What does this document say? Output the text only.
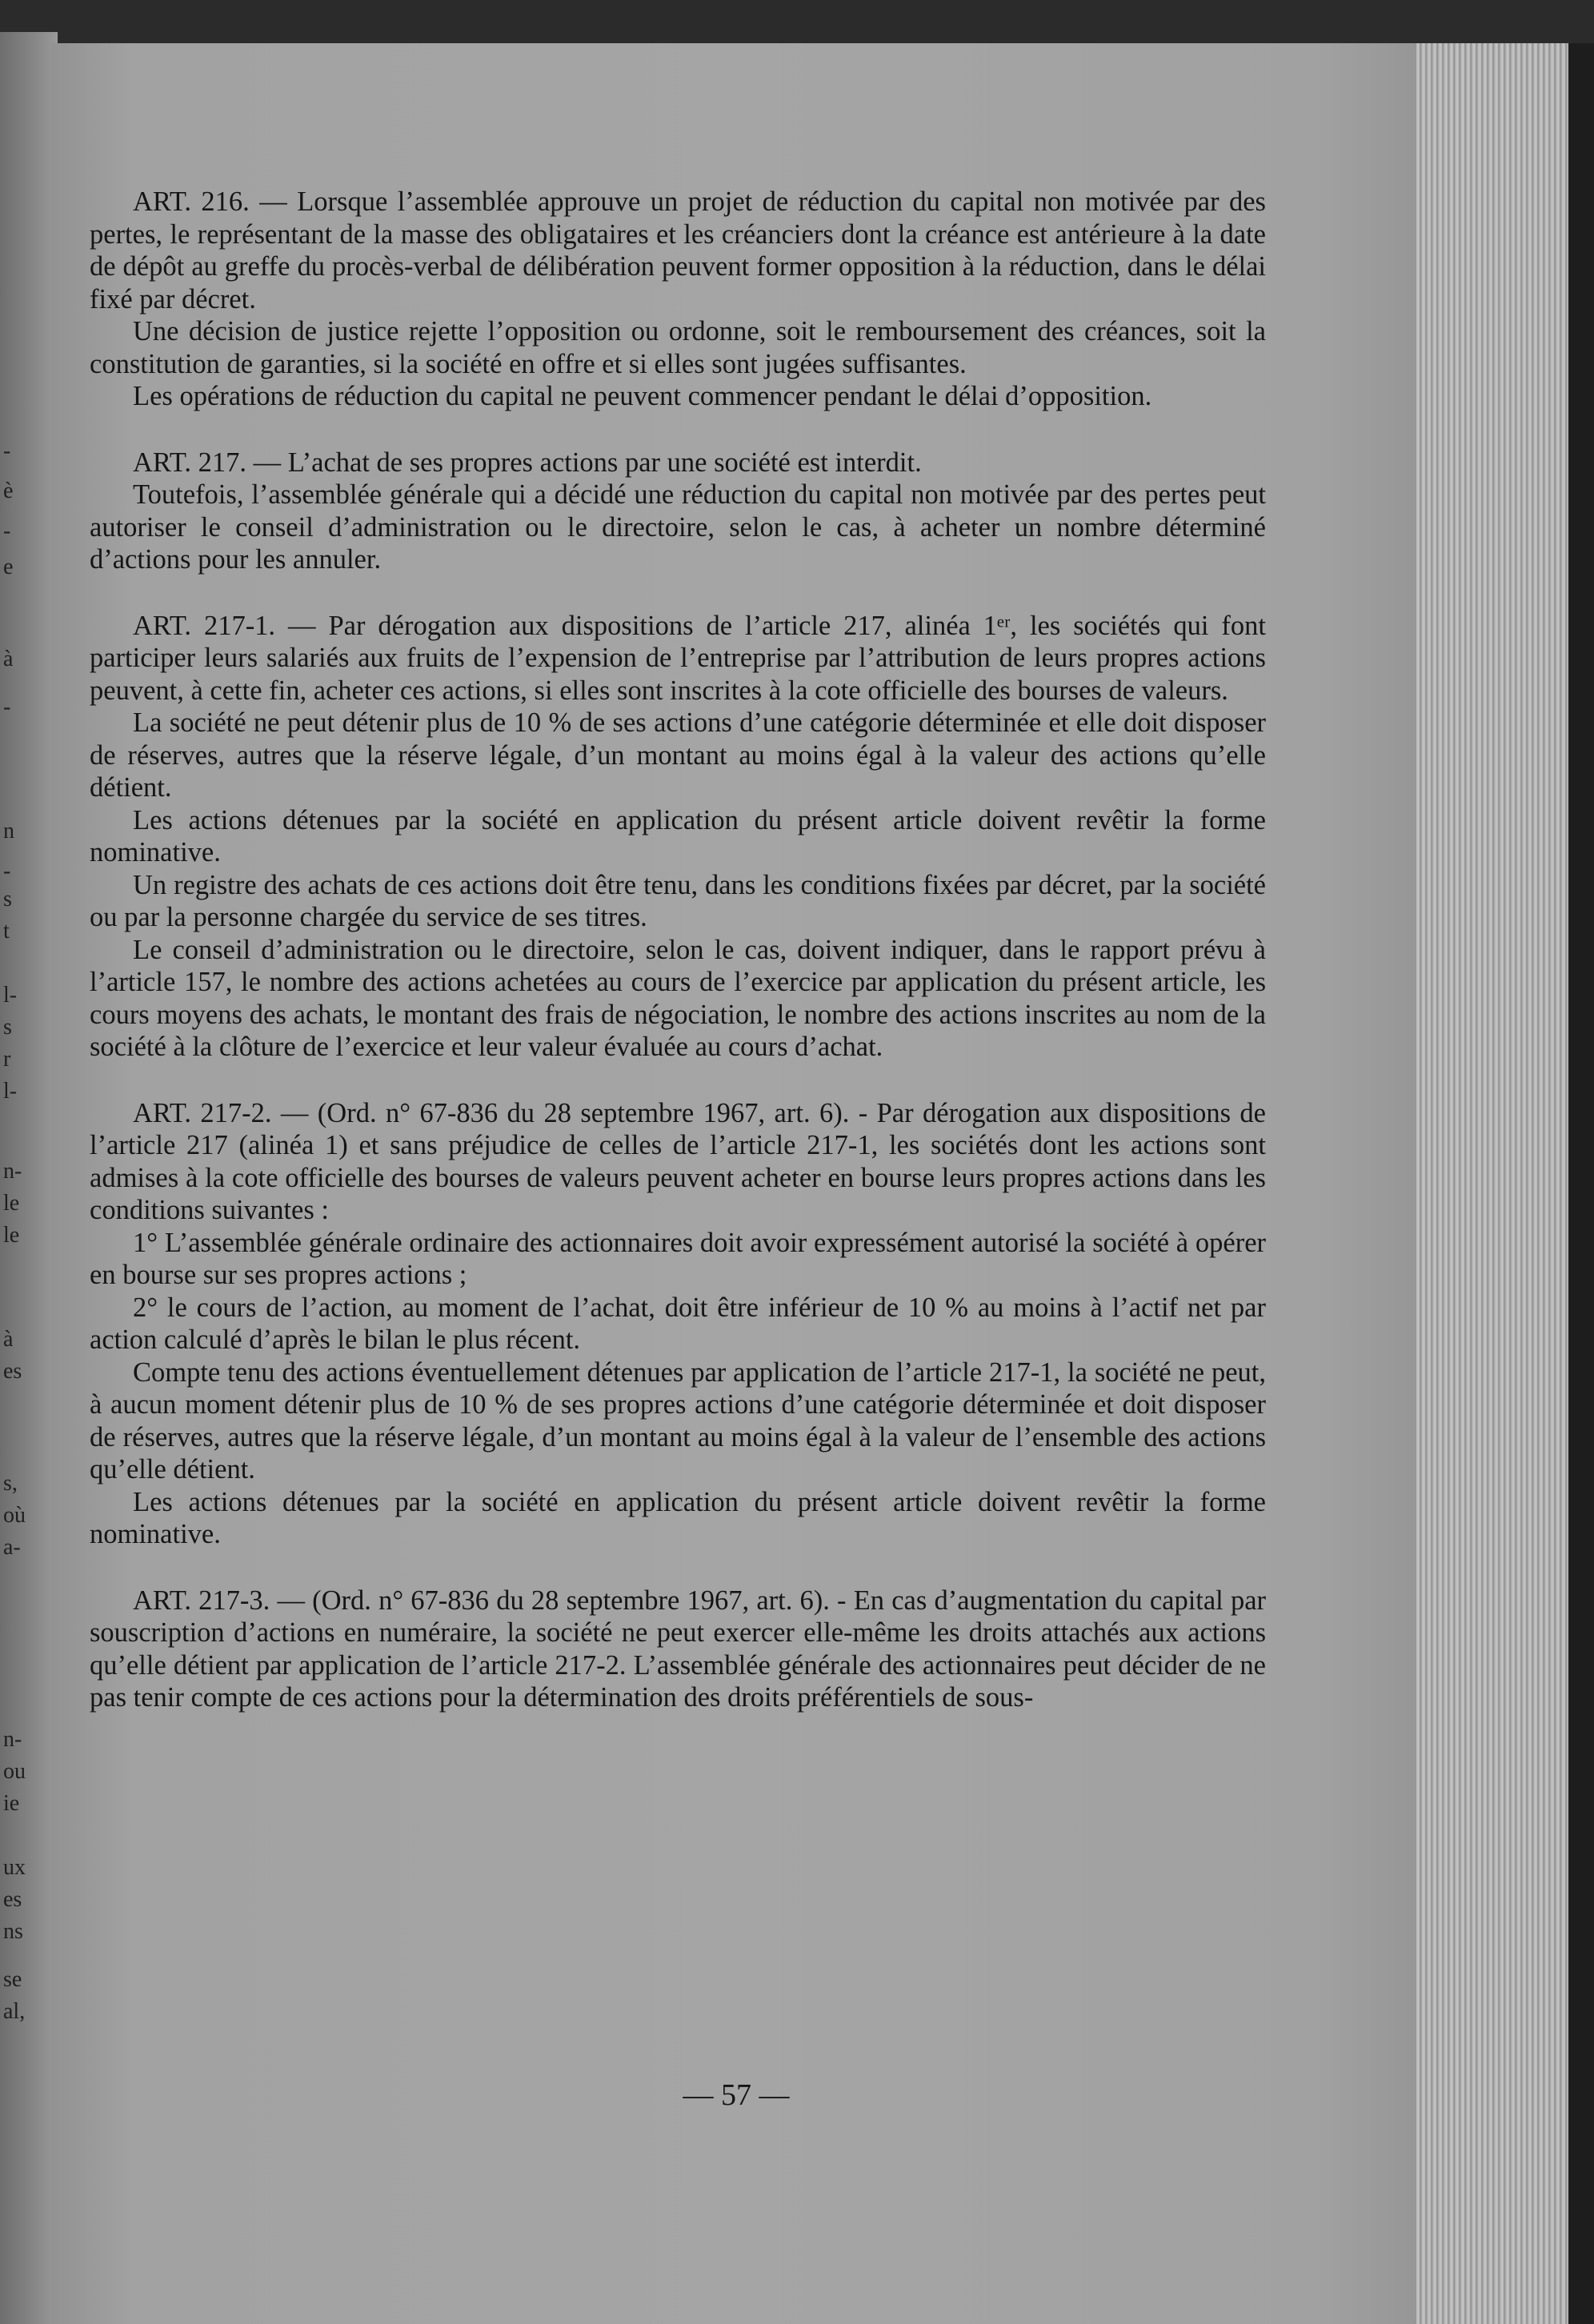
-
è
-
e
à
-
n
-
s
t
l-
s
r
l-
n-
le
le
à
es
s,
où
a-
n-
ou
ie
ux
es
ns
se
al,

ART. 216. — Lorsque l’assemblée approuve un projet de réduction du capital non motivée par des pertes, le représentant de la masse des obligataires et les créanciers dont la créance est antérieure à la date de dépôt au greffe du procès-verbal de délibération peuvent former opposition à la réduction, dans le délai fixé par décret.

Une décision de justice rejette l’opposition ou ordonne, soit le remboursement des créances, soit la constitution de garanties, si la société en offre et si elles sont jugées suffisantes.

Les opérations de réduction du capital ne peuvent commencer pendant le délai d’opposition.

ART. 217. — L’achat de ses propres actions par une société est interdit.

Toutefois, l’assemblée générale qui a décidé une réduction du capital non motivée par des pertes peut autoriser le conseil d’administration ou le directoire, selon le cas, à acheter un nombre déterminé d’actions pour les annuler.

ART. 217-1. — Par dérogation aux dispositions de l’article 217, alinéa 1ᵉʳ, les sociétés qui font participer leurs salariés aux fruits de l’expension de l’entreprise par l’attribution de leurs propres actions peuvent, à cette fin, acheter ces actions, si elles sont inscrites à la cote officielle des bourses de valeurs.

La société ne peut détenir plus de 10 % de ses actions d’une catégorie déterminée et elle doit disposer de réserves, autres que la réserve légale, d’un montant au moins égal à la valeur des actions qu’elle détient.

Les actions détenues par la société en application du présent article doivent revêtir la forme nominative.

Un registre des achats de ces actions doit être tenu, dans les conditions fixées par décret, par la société ou par la personne chargée du service de ses titres.

Le conseil d’administration ou le directoire, selon le cas, doivent indiquer, dans le rapport prévu à l’article 157, le nombre des actions achetées au cours de l’exercice par application du présent article, les cours moyens des achats, le montant des frais de négociation, le nombre des actions inscrites au nom de la société à la clôture de l’exercice et leur valeur évaluée au cours d’achat.

ART. 217-2. — (Ord. n° 67-836 du 28 septembre 1967, art. 6). - Par dérogation aux dispositions de l’article 217 (alinéa 1) et sans préjudice de celles de l’article 217-1, les sociétés dont les actions sont admises à la cote officielle des bourses de valeurs peuvent acheter en bourse leurs propres actions dans les conditions suivantes :

1° L’assemblée générale ordinaire des actionnaires doit avoir expressément autorisé la société à opérer en bourse sur ses propres actions ;

2° le cours de l’action, au moment de l’achat, doit être inférieur de 10 % au moins à l’actif net par action calculé d’après le bilan le plus récent.

Compte tenu des actions éventuellement détenues par application de l’article 217-1, la société ne peut, à aucun moment détenir plus de 10 % de ses propres actions d’une catégorie déterminée et doit disposer de réserves, autres que la réserve légale, d’un montant au moins égal à la valeur de l’ensemble des actions qu’elle détient.

Les actions détenues par la société en application du présent article doivent revêtir la forme nominative.

ART. 217-3. — (Ord. n° 67-836 du 28 septembre 1967, art. 6). - En cas d’augmentation du capital par souscription d’actions en numéraire, la société ne peut exercer elle-même les droits attachés aux actions qu’elle détient par application de l’article 217-2. L’assemblée générale des actionnaires peut décider de ne pas tenir compte de ces actions pour la détermination des droits préférentiels de sous-

— 57 —
